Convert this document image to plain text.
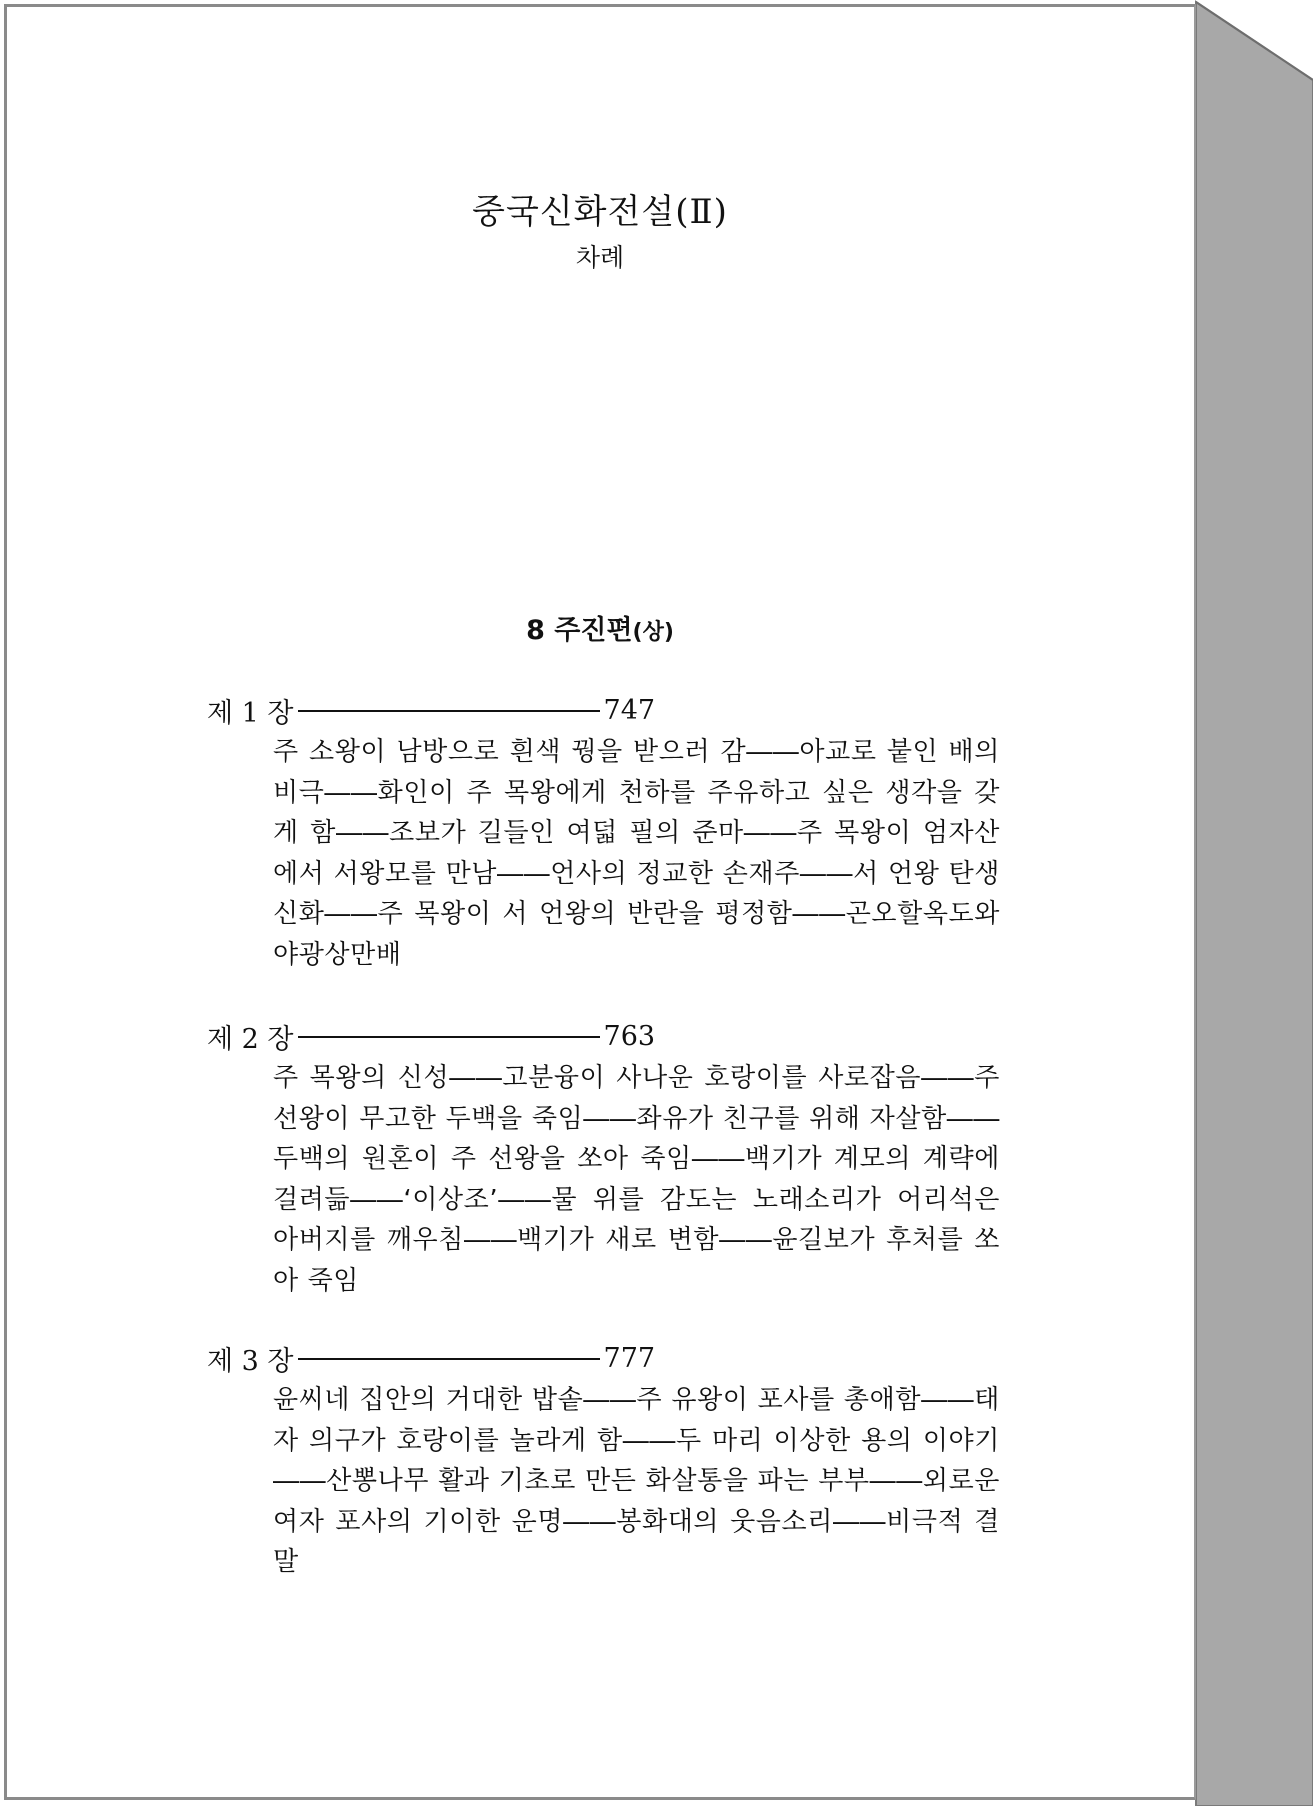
중국신화전설(Ⅱ)
차례
8 주진편(상)
제 1 장	747
주 소왕이 남방으로 흰색 꿩을 받으러 감――아교로 붙인 배의 비극――화인이 주 목왕에게 천하를 주유하고 싶은 생각을 갖게 함――조보가 길들인 여덟 필의 준마――주 목왕이 엄자산에서 서왕모를 만남――언사의 정교한 손재주――서 언왕 탄생 신화――주 목왕이 서 언왕의 반란을 평정함――곤오할옥도와 야광상만배
제 2 장	763
주 목왕의 신성――고분융이 사나운 호랑이를 사로잡음――주 선왕이 무고한 두백을 죽임――좌유가 친구를 위해 자살함――두백의 원혼이 주 선왕을 쏘아 죽임――백기가 계모의 계략에 걸려듦――‘이상조’――물 위를 감도는 노래소리가 어리석은 아버지를 깨우침――백기가 새로 변함――윤길보가 후처를 쏘아 죽임
제 3 장	777
윤씨네 집안의 거대한 밥솥――주 유왕이 포사를 총애함――태자 의구가 호랑이를 놀라게 함――두 마리 이상한 용의 이야기――산뽕나무 활과 기초로 만든 화살통을 파는 부부――외로운 여자 포사의 기이한 운명――봉화대의 웃음소리――비극적 결말
